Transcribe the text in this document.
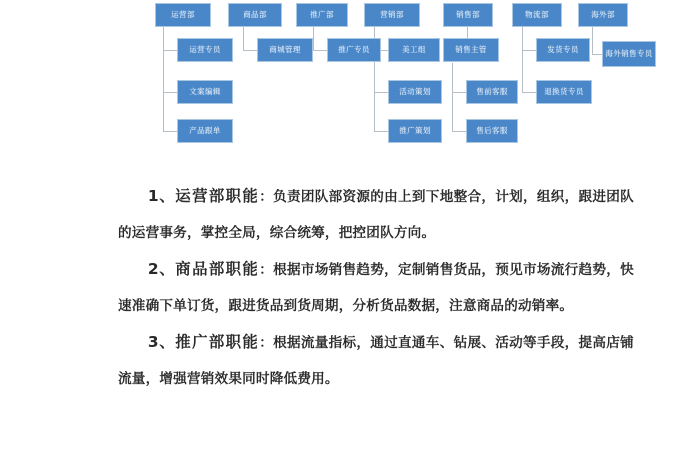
运营部	商品部	推广部	营销部	销售部	物流部	海外部
运营专员	商城管理	推广专员	美工组	销售主管	发货专员	海外销售专员
文案编辑	活动策划	售前客服	退换货专员
产品跟单	推广策划	售后客服

1、运营部职能：负责团队部资源的由上到下地整合，计划，组织，跟进团队的运营事务，掌控全局，综合统筹，把控团队方向。

2、商品部职能：根据市场销售趋势，定制销售货品，预见市场流行趋势，快速准确下单订货，跟进货品到货周期，分析货品数据，注意商品的动销率。

3、推广部职能：根据流量指标，通过直通车、钻展、活动等手段，提高店铺流量，增强营销效果同时降低费用。
